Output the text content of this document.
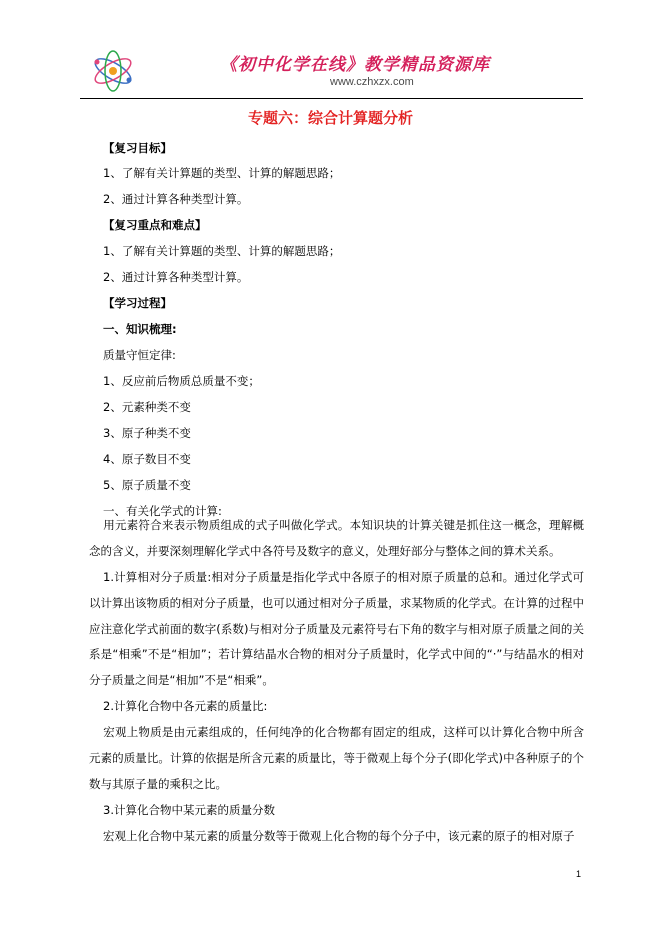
《初中化学在线》教学精品资源库
www.czhxzx.com
专题六：综合计算题分析
【复习目标】
1、了解有关计算题的类型、计算的解题思路；
2、通过计算各种类型计算。
【复习重点和难点】
1、了解有关计算题的类型、计算的解题思路；
2、通过计算各种类型计算。
【学习过程】
一、知识梳理:
质量守恒定律:
1、反应前后物质总质量不变；
2、元素种类不变
3、原子种类不变
4、原子数目不变
5、原子质量不变
一、有关化学式的计算:
用元素符合来表示物质组成的式子叫做化学式。本知识块的计算关键是抓住这一概念，理解概念的含义，并要深刻理解化学式中各符号及数字的意义，处理好部分与整体之间的算术关系。
1.计算相对分子质量:相对分子质量是指化学式中各原子的相对原子质量的总和。通过化学式可以计算出该物质的相对分子质量，也可以通过相对分子质量，求某物质的化学式。在计算的过程中应注意化学式前面的数字(系数)与相对分子质量及元素符号右下角的数字与相对原子质量之间的关系是“相乘”不是“相加”；若计算结晶水合物的相对分子质量时，化学式中间的“·”与结晶水的相对分子质量之间是“相加”不是“相乘”。
2.计算化合物中各元素的质量比:
宏观上物质是由元素组成的，任何纯净的化合物都有固定的组成，这样可以计算化合物中所含元素的质量比。计算的依据是所含元素的质量比，等于微观上每个分子(即化学式)中各种原子的个数与其原子量的乘积之比。
3.计算化合物中某元素的质量分数
宏观上化合物中某元素的质量分数等于微观上化合物的每个分子中，该元素的原子的相对原子
1
